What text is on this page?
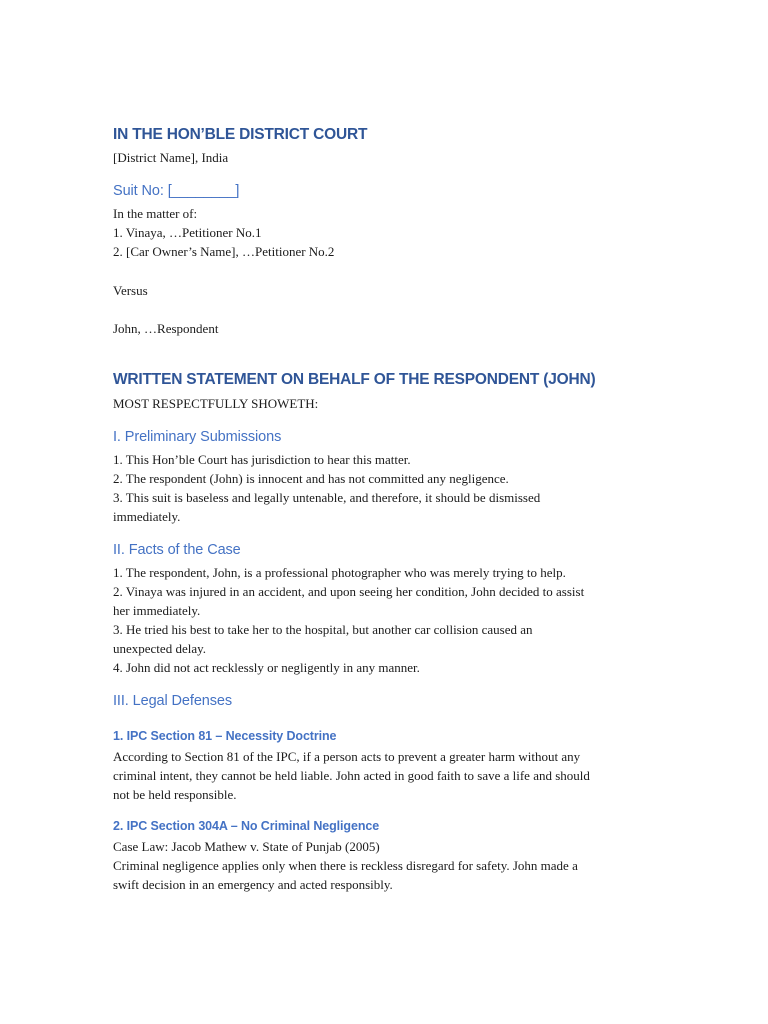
IN THE HON’BLE DISTRICT COURT
[District Name], India
Suit No: [________]
In the matter of:
1. Vinaya, …Petitioner No.1
2. [Car Owner’s Name], …Petitioner No.2
Versus
John, …Respondent
WRITTEN STATEMENT ON BEHALF OF THE RESPONDENT (JOHN)
MOST RESPECTFULLY SHOWETH:
I. Preliminary Submissions
1. This Hon’ble Court has jurisdiction to hear this matter.
2. The respondent (John) is innocent and has not committed any negligence.
3. This suit is baseless and legally untenable, and therefore, it should be dismissed
immediately.
II. Facts of the Case
1. The respondent, John, is a professional photographer who was merely trying to help.
2. Vinaya was injured in an accident, and upon seeing her condition, John decided to assist
her immediately.
3. He tried his best to take her to the hospital, but another car collision caused an
unexpected delay.
4. John did not act recklessly or negligently in any manner.
III. Legal Defenses
1. IPC Section 81 – Necessity Doctrine
According to Section 81 of the IPC, if a person acts to prevent a greater harm without any
criminal intent, they cannot be held liable. John acted in good faith to save a life and should
not be held responsible.
2. IPC Section 304A – No Criminal Negligence
Case Law: Jacob Mathew v. State of Punjab (2005)
Criminal negligence applies only when there is reckless disregard for safety. John made a
swift decision in an emergency and acted responsibly.
